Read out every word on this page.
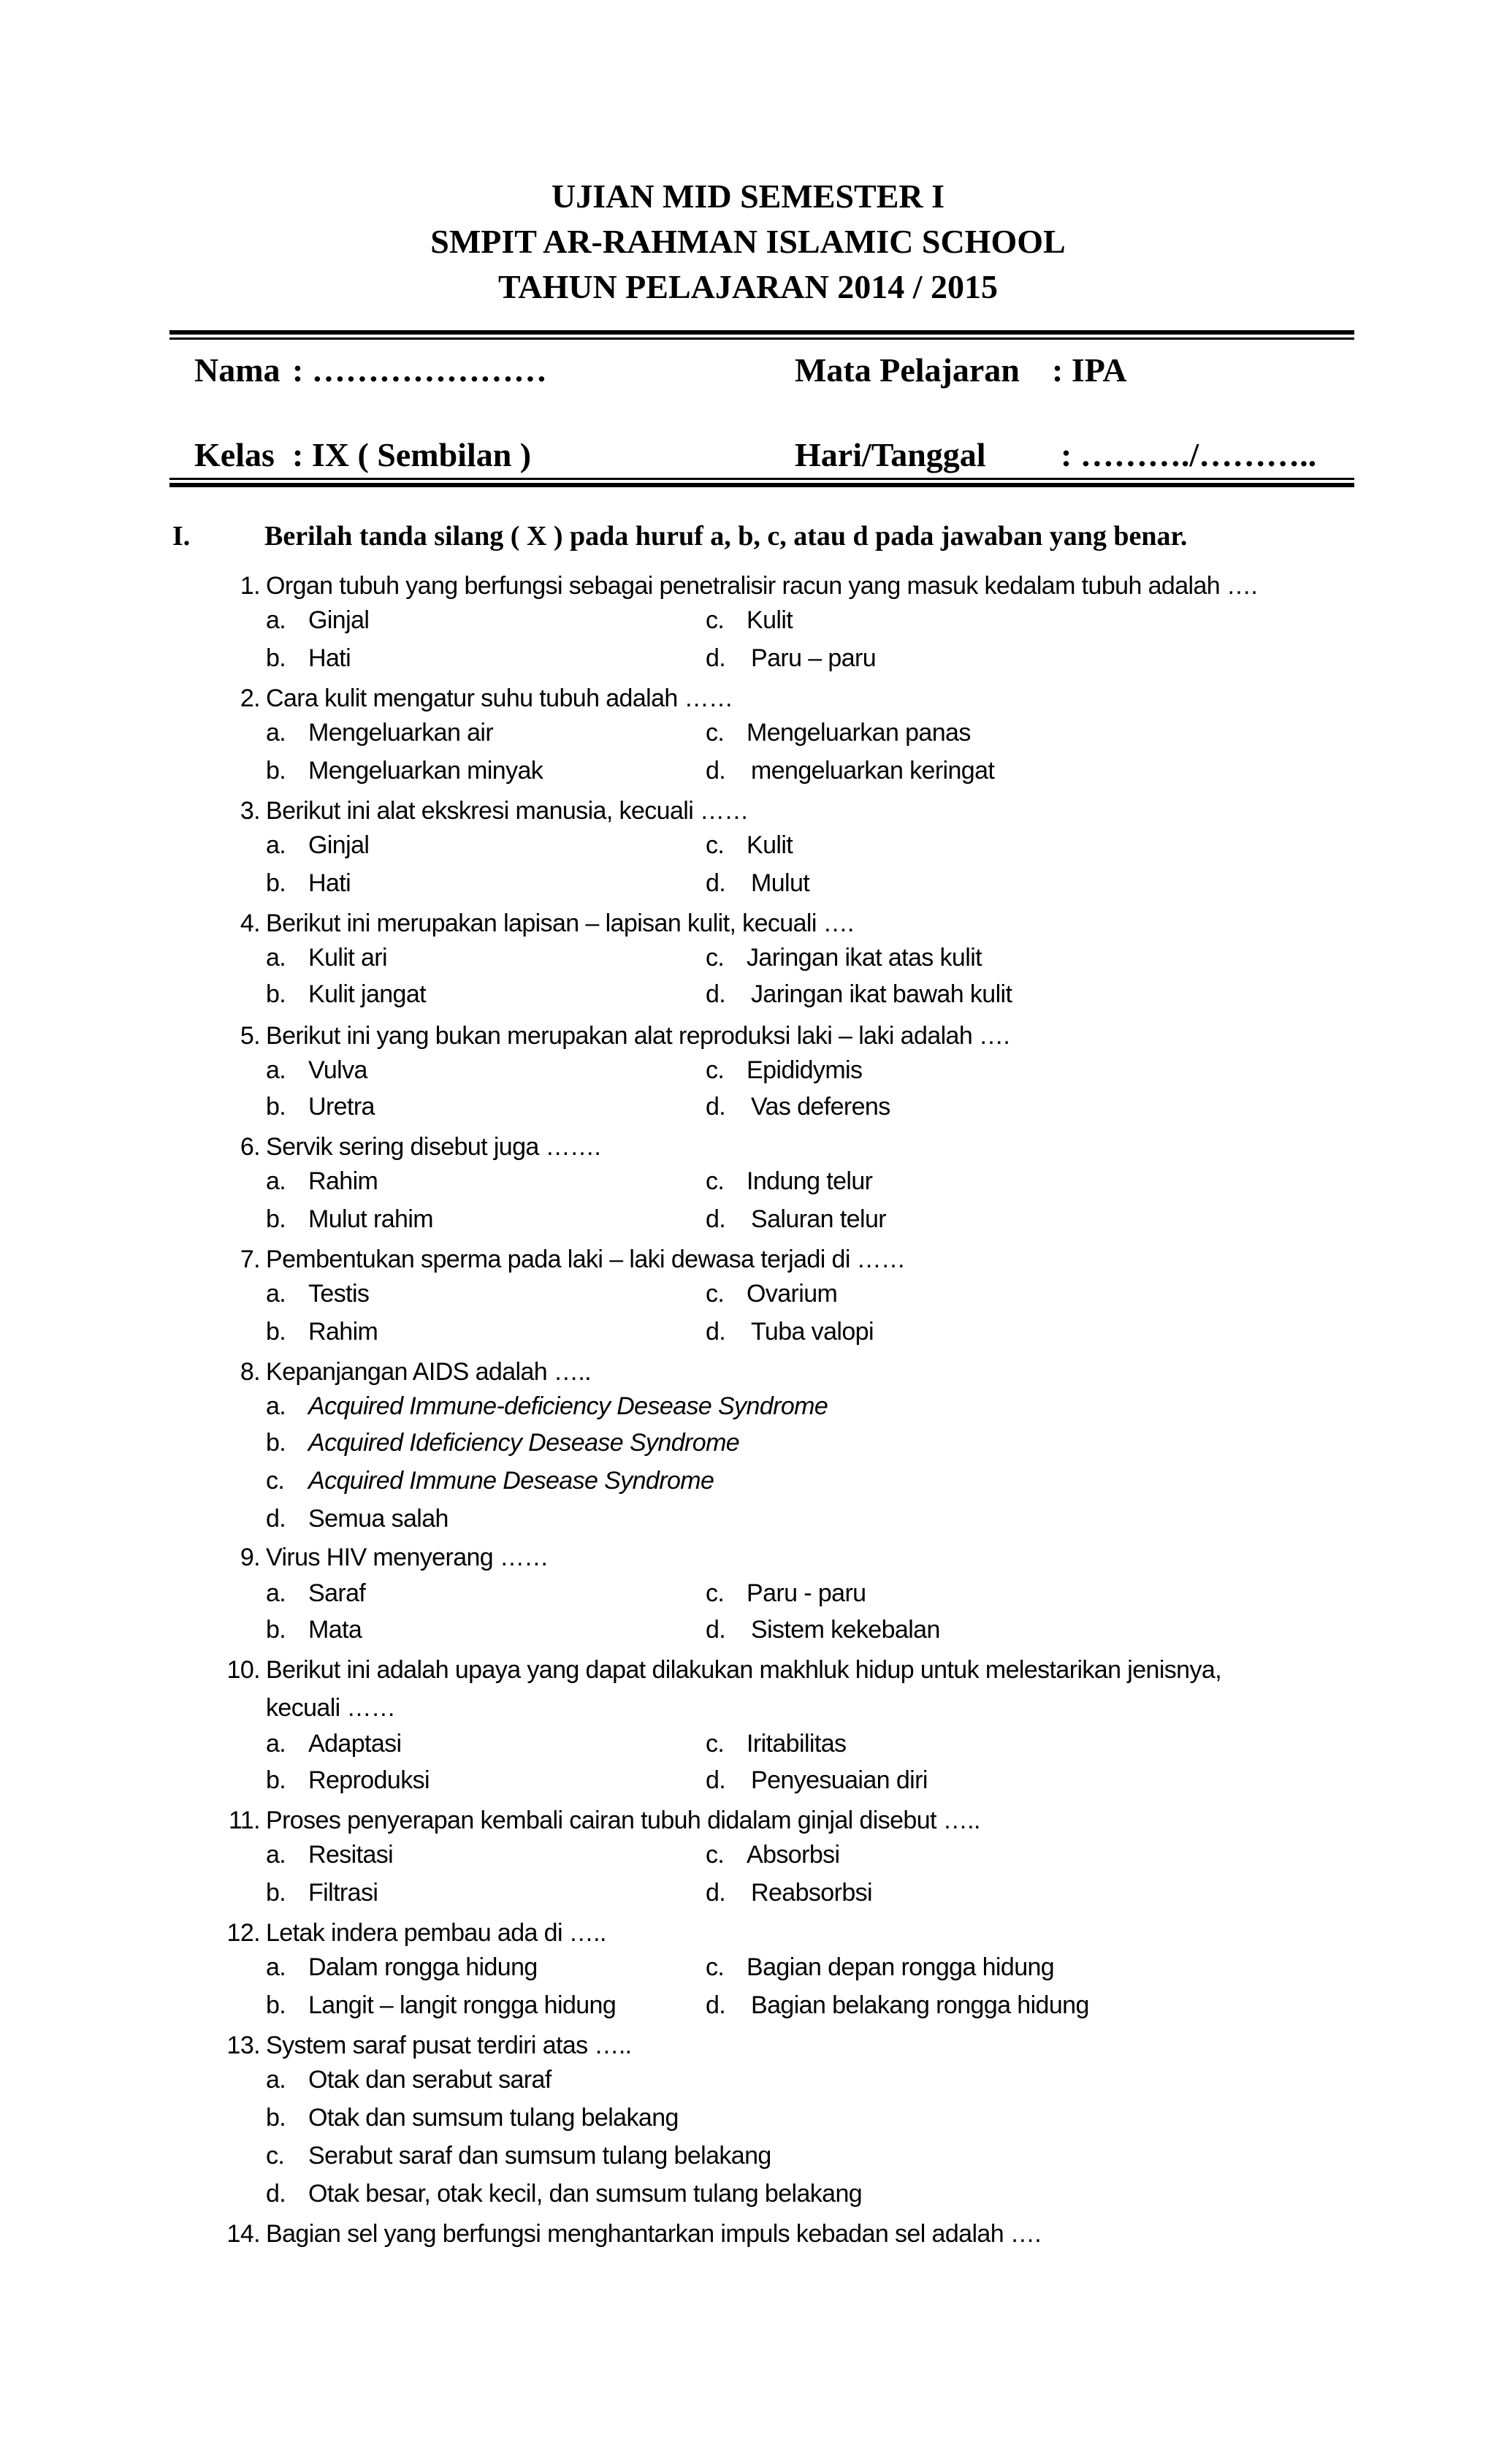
UJIAN MID SEMESTER I
SMPIT AR-RAHMAN ISLAMIC SCHOOL
TAHUN PELAJARAN 2014 / 2015
Nama : …………………	Mata Pelajaran : IPA
Kelas : IX ( Sembilan )	Hari/Tanggal : ………./………..
I.	Berilah tanda silang ( X ) pada huruf a, b, c, atau d pada jawaban yang benar.
1. Organ tubuh yang berfungsi sebagai penetralisir racun yang masuk kedalam tubuh adalah ….
a. Ginjal	c. Kulit
b. Hati	d. Paru – paru
2. Cara kulit mengatur suhu tubuh adalah ……
a. Mengeluarkan air	c. Mengeluarkan panas
b. Mengeluarkan minyak	d. mengeluarkan keringat
3. Berikut ini alat ekskresi manusia, kecuali ……
a. Ginjal	c. Kulit
b. Hati	d. Mulut
4. Berikut ini merupakan lapisan – lapisan kulit, kecuali ….
a. Kulit ari	c. Jaringan ikat atas kulit
b. Kulit jangat	d. Jaringan ikat bawah kulit
5. Berikut ini yang bukan merupakan alat reproduksi laki – laki adalah ….
a. Vulva	c. Epididymis
b. Uretra	d. Vas deferens
6. Servik sering disebut juga …….
a. Rahim	c. Indung telur
b. Mulut rahim	d. Saluran telur
7. Pembentukan sperma pada laki – laki dewasa terjadi di ……
a. Testis	c. Ovarium
b. Rahim	d. Tuba valopi
8. Kepanjangan AIDS adalah …..
a. Acquired Immune-deficiency Desease Syndrome
b. Acquired Ideficiency Desease Syndrome
c. Acquired Immune Desease Syndrome
d. Semua salah
9. Virus HIV menyerang ……
a. Saraf	c. Paru - paru
b. Mata	d. Sistem kekebalan
10. Berikut ini adalah upaya yang dapat dilakukan makhluk hidup untuk melestarikan jenisnya,
kecuali ……
a. Adaptasi	c. Iritabilitas
b. Reproduksi	d. Penyesuaian diri
11. Proses penyerapan kembali cairan tubuh didalam ginjal disebut …..
a. Resitasi	c. Absorbsi
b. Filtrasi	d. Reabsorbsi
12. Letak indera pembau ada di …..
a. Dalam rongga hidung	c. Bagian depan rongga hidung
b. Langit – langit rongga hidung	d. Bagian belakang rongga hidung
13. System saraf pusat terdiri atas …..
a. Otak dan serabut saraf
b. Otak dan sumsum tulang belakang
c. Serabut saraf dan sumsum tulang belakang
d. Otak besar, otak kecil, dan sumsum tulang belakang
14. Bagian sel yang berfungsi menghantarkan impuls kebadan sel adalah ….
